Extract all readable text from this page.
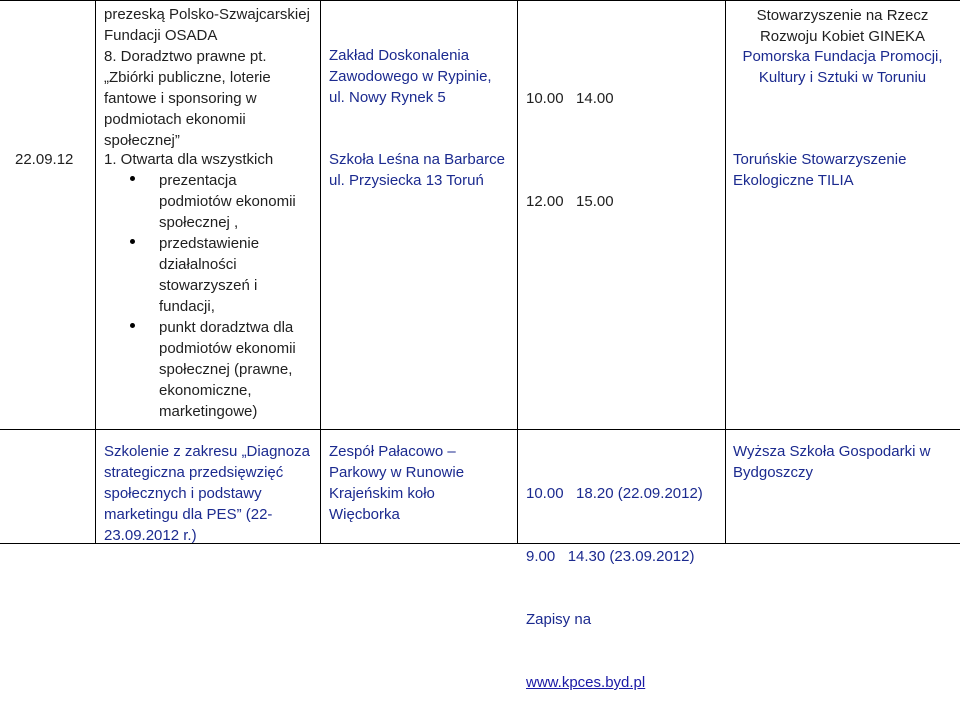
prezeską Polsko-Szwajcarskiej
Fundacji OSADA
8. Doradztwo prawne pt.
„Zbiórki publiczne, loterie
fantowe i sponsoring w
podmiotach ekonomii
społecznej”
Stowarzyszenie na Rzecz
Rozwoju Kobiet GINEKA
Zakład Doskonalenia
Zawodowego w Rypinie,
ul. Nowy Rynek 5

	10.00   14.00

Pomorska Fundacja Promocji,
Kultury i Sztuki w Toruniu
22.09.12	1. Otwarta dla wszystkich
prezentacja
podmiotów ekonomii
społecznej ,
przedstawienie
działalności
stowarzyszeń i
fundacji,
punkt doradztwa dla
podmiotów ekonomii
społecznej (prawne,
ekonomiczne,
marketingowe)
Szkoła Leśna na Barbarce
ul. Przysiecka 13 Toruń

12.00   15.00

Toruńskie Stowarzyszenie
Ekologiczne TILIA
Szkolenie z zakresu „Diagnoza
strategiczna przedsięwzięć
społecznych i podstawy
marketingu dla PES” (22-
23.09.2012 r.)
Zespół Pałacowo –
Parkowy w Runowie
Krajeńskim koło
Więcborka

10.00   18.20 (22.09.2012)

9.00   14.30 (23.09.2012)

Zapisy na

www.kpces.byd.pl

Wyższa Szkoła Gospodarki w
Bydgoszczy
